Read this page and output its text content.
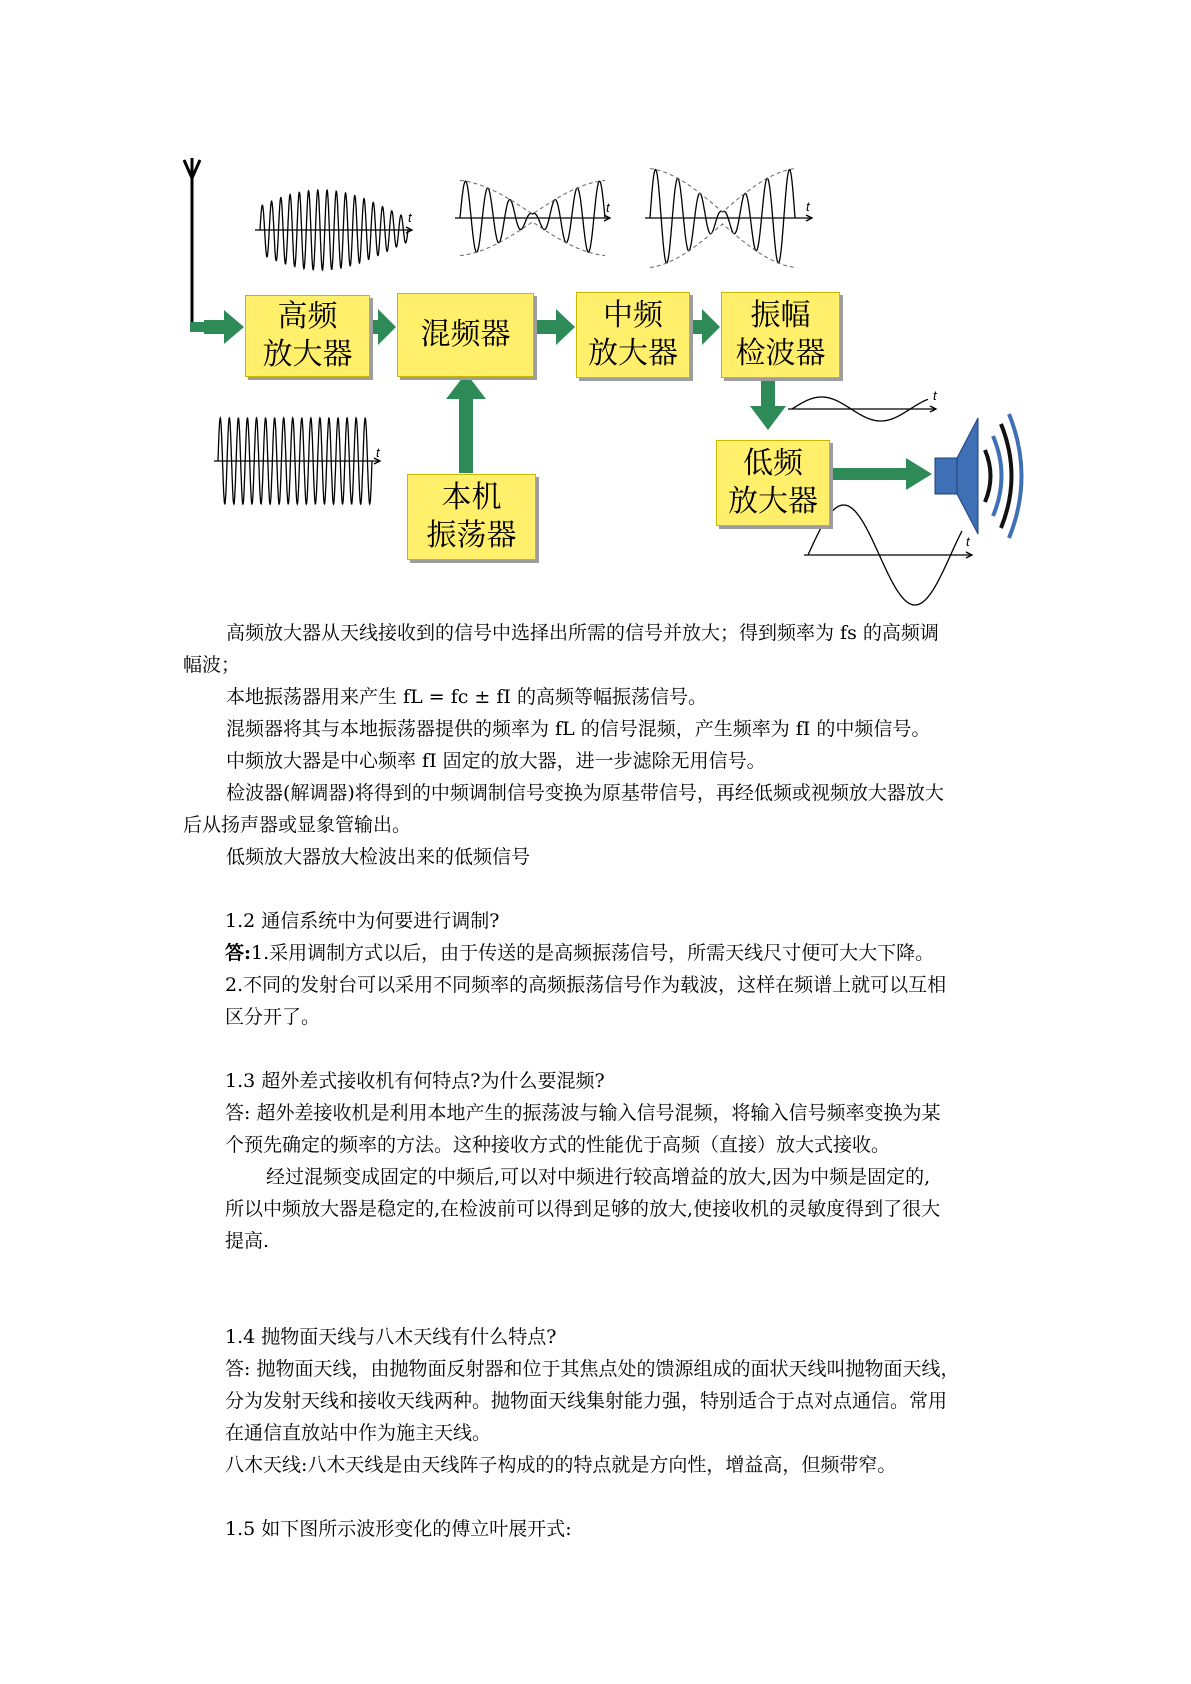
t
t	t
t
t
t
高频
放大器
混频器
中频
放大器
振幅
检波器
本机
振荡器
低频
放大器
高频放大器从天线接收到的信号中选择出所需的信号并放大；得到频率为 fs 的高频调
幅波；
本地振荡器用来产生 fL = fc ± fI 的高频等幅振荡信号。
混频器将其与本地振荡器提供的频率为 fL 的信号混频，产生频率为 fI 的中频信号。
中频放大器是中心频率 fI 固定的放大器，进一步滤除无用信号。
检波器(解调器)将得到的中频调制信号变换为原基带信号，再经低频或视频放大器放大
后从扬声器或显象管输出。
低频放大器放大检波出来的低频信号
1.2 通信系统中为何要进行调制?
答:1.采用调制方式以后，由于传送的是高频振荡信号，所需天线尺寸便可大大下降。
2.不同的发射台可以采用不同频率的高频振荡信号作为载波，这样在频谱上就可以互相
区分开了。
1.3 超外差式接收机有何特点?为什么要混频?
答: 超外差接收机是利用本地产生的振荡波与输入信号混频，将输入信号频率变换为某
个预先确定的频率的方法。这种接收方式的性能优于高频（直接）放大式接收。
经过混频变成固定的中频后,可以对中频进行较高增益的放大,因为中频是固定的,
所以中频放大器是稳定的,在检波前可以得到足够的放大,使接收机的灵敏度得到了很大
提高.
1.4 抛物面天线与八木天线有什么特点?
答: 抛物面天线，由抛物面反射器和位于其焦点处的馈源组成的面状天线叫抛物面天线，
分为发射天线和接收天线两种。抛物面天线集射能力强，特别适合于点对点通信。常用
在通信直放站中作为施主天线。
八木天线:八木天线是由天线阵子构成的的特点就是方向性，增益高，但频带窄。
1.5 如下图所示波形变化的傅立叶展开式:
